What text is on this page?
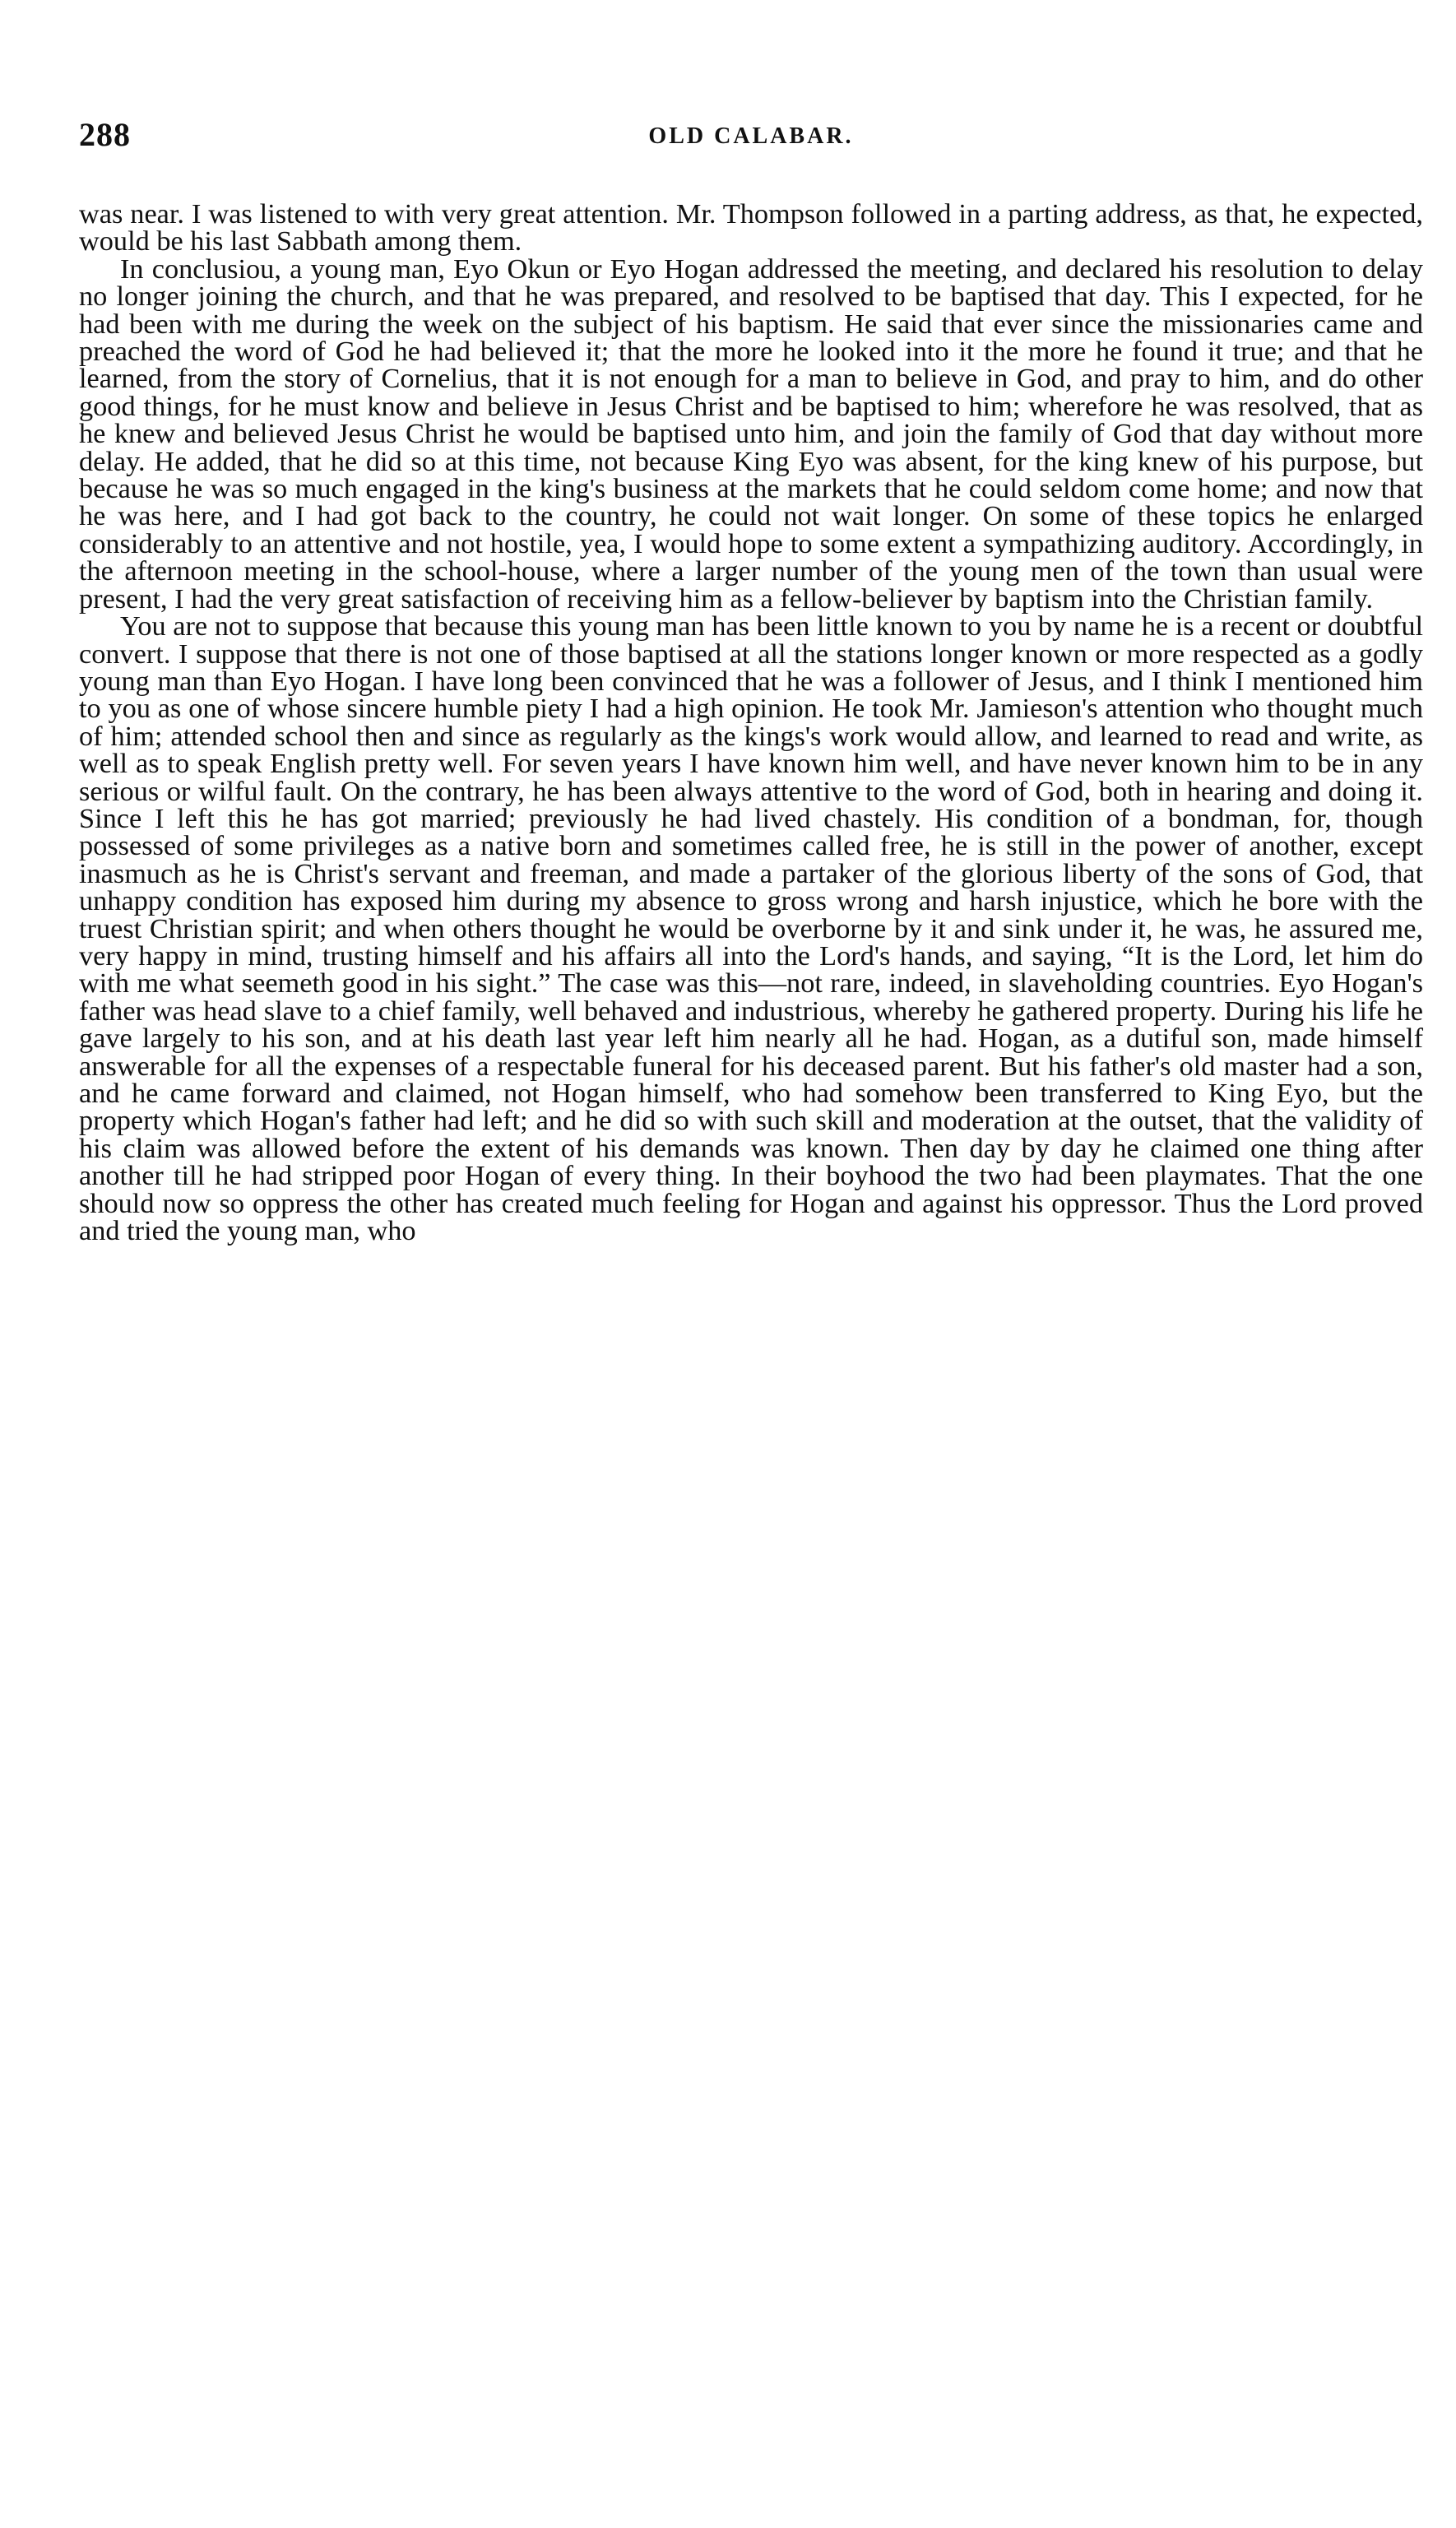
288	OLD CALABAR.

was near. I was listened to with very great attention. Mr. Thompson followed in a parting address, as that, he expected, would be his last Sabbath among them.

In conclusiou, a young man, Eyo Okun or Eyo Hogan addressed the meeting, and declared his resolution to delay no longer joining the church, and that he was prepared, and resolved to be baptised that day. This I expected, for he had been with me during the week on the subject of his baptism. He said that ever since the missionaries came and preached the word of God he had believed it; that the more he looked into it the more he found it true; and that he learned, from the story of Cornelius, that it is not enough for a man to believe in God, and pray to him, and do other good things, for he must know and believe in Jesus Christ and be baptised to him; wherefore he was resolved, that as he knew and believed Jesus Christ he would be baptised unto him, and join the family of God that day without more delay. He added, that he did so at this time, not because King Eyo was absent, for the king knew of his purpose, but because he was so much engaged in the king's business at the markets that he could seldom come home; and now that he was here, and I had got back to the country, he could not wait longer. On some of these topics he enlarged considerably to an attentive and not hostile, yea, I would hope to some extent a sympathizing auditory. Accordingly, in the afternoon meeting in the school-house, where a larger number of the young men of the town than usual were present, I had the very great satisfaction of receiving him as a fellow-believer by baptism into the Christian family.

You are not to suppose that because this young man has been little known to you by name he is a recent or doubtful convert. I suppose that there is not one of those baptised at all the stations longer known or more respected as a godly young man than Eyo Hogan. I have long been convinced that he was a follower of Jesus, and I think I mentioned him to you as one of whose sincere humble piety I had a high opinion. He took Mr. Jamieson's attention who thought much of him; attended school then and since as regularly as the kings's work would allow, and learned to read and write, as well as to speak English pretty well. For seven years I have known him well, and have never known him to be in any serious or wilful fault. On the contrary, he has been always attentive to the word of God, both in hearing and doing it. Since I left this he has got married; previously he had lived chastely. His condition of a bondman, for, though possessed of some privileges as a native born and sometimes called free, he is still in the power of another, except inasmuch as he is Christ's servant and freeman, and made a partaker of the glorious liberty of the sons of God, that unhappy condition has exposed him during my absence to gross wrong and harsh injustice, which he bore with the truest Christian spirit; and when others thought he would be overborne by it and sink under it, he was, he assured me, very happy in mind, trusting himself and his affairs all into the Lord's hands, and saying, “It is the Lord, let him do with me what seemeth good in his sight.” The case was this—not rare, indeed, in slaveholding countries. Eyo Hogan's father was head slave to a chief family, well behaved and industrious, whereby he gathered property. During his life he gave largely to his son, and at his death last year left him nearly all he had. Hogan, as a dutiful son, made himself answerable for all the expenses of a respectable funeral for his deceased parent. But his father's old master had a son, and he came forward and claimed, not Hogan himself, who had somehow been transferred to King Eyo, but the property which Hogan's father had left; and he did so with such skill and moderation at the outset, that the validity of his claim was allowed before the extent of his demands was known. Then day by day he claimed one thing after another till he had stripped poor Hogan of every thing. In their boyhood the two had been playmates. That the one should now so oppress the other has created much feeling for Hogan and against his oppressor. Thus the Lord proved and tried the young man, who
